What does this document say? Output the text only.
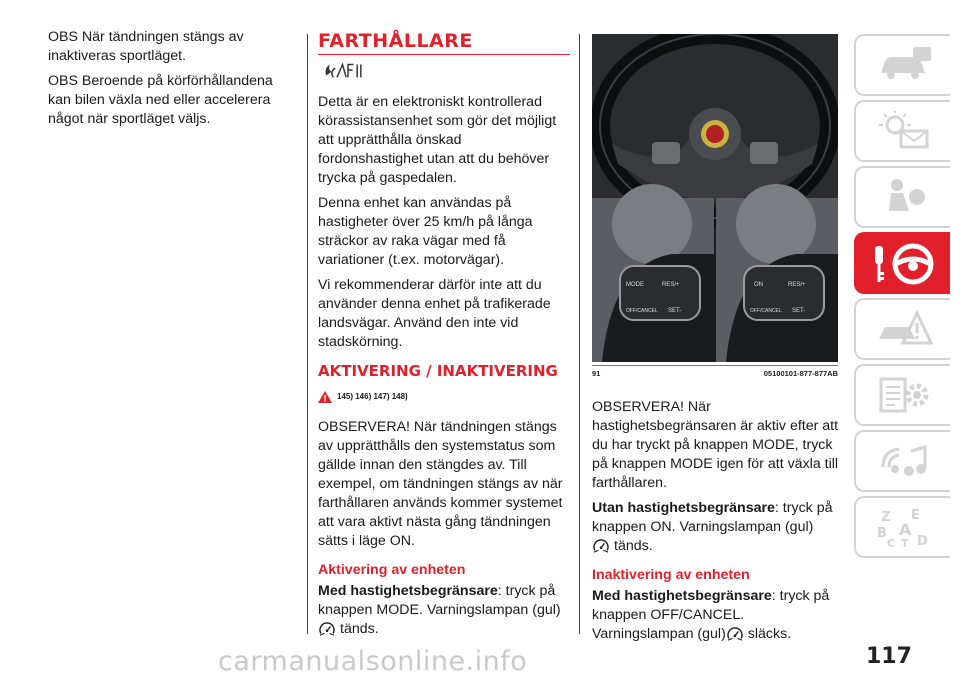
OBS När tändningen stängs av inaktiveras sportläget.

OBS Beroende på körförhållandena kan bilen växla ned eller accelerera något när sportläget väljs.

FARTHÅLLARE

Detta är en elektroniskt kontrollerad körassistansenhet som gör det möjligt att upprätthålla önskad fordonshastighet utan att du behöver trycka på gaspedalen.

Denna enhet kan användas på hastigheter över 25 km/h på långa sträckor av raka vägar med få variationer (t.ex. motorvägar).

Vi rekommenderar därför inte att du använder denna enhet på trafikerade landsvägar. Använd den inte vid stadskörning.

AKTIVERING / INAKTIVERING
145) 146) 147) 148)

OBSERVERA! När tändningen stängs av upprätthålls den systemstatus som gällde innan den stängdes av. Till exempel, om tändningen stängs av när farthållaren används kommer systemet att vara aktivt nästa gång tändningen sätts i läge ON.

Aktivering av enheten

Med hastighetsbegränsare: tryck på knappen MODE. Varningslampan (gul)
tänds.

MODE	RES/+
OFF/CANCEL SET-
ON	RES/+
OFF/CANCEL SET-
91	05100101-877-877AB

OBSERVERA! När hastighetsbegränsaren är aktiv efter att du har tryckt på knappen MODE, tryck på knappen MODE igen för att växla till farthållaren.

Utan hastighetsbegränsare: tryck på knappen ON. Varningslampan (gul)
tänds.

Inaktivering av enheten

Med hastighetsbegränsare: tryck på knappen OFF/CANCEL. Varningslampan (gul) släcks.

Z E
B A
C T D
117
carmanualsonline.info
